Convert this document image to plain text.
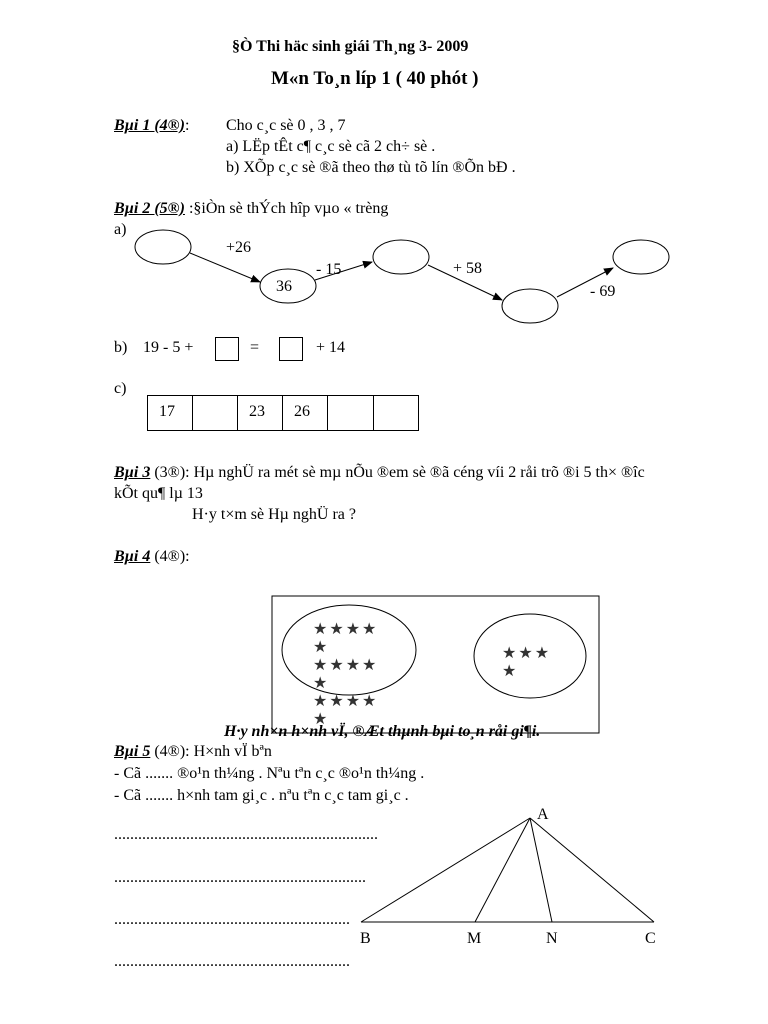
§Ò Thi häc sinh giái Th¸ng 3- 2009
M«n To¸n líp 1 ( 40 phót )
Bµi 1 (4®): Cho c¸c sè 0 , 3 , 7
a) LËp tÊt c¶ c¸c sè cã 2 ch÷ sè .
b) XÕp c¸c sè ®ã theo thø tù tõ lín ®Õn bÐ .
Bµi 2 (5®) :§iÒn sè thÝch hîp vµo « trèng
a)
+26
36
- 15	+ 58
- 69
b) 19 - 5 +	=	+ 14
c)
17	23	26
Bµi 3 (3®): Hµ nghÜ ra mét sè mµ nÕu ®em sè ®ã céng víi 2 råi trõ ®i 5 th× ®îc
kÕt qu¶ lµ 13
H·y t×m sè Hµ nghÜ ra ?
Bµi 4 (4®):
★★★★
★
★★★★
★
★★★★
★
★★★
★
H·y nh×n h×nh vÏ, ®Æt thµnh bµi to¸n råi gi¶i.
Bµi 5 (4®): H×nh vÏ bªn
- Cã ....... ®o¹n th¼ng . Nªu tªn c¸c ®o¹n th¼ng .
- Cã ....... h×nh tam gi¸c . nªu tªn c¸c tam gi¸c .
..................................................................
...............................................................
...........................................................
...........................................................
A
B	M	N	C
